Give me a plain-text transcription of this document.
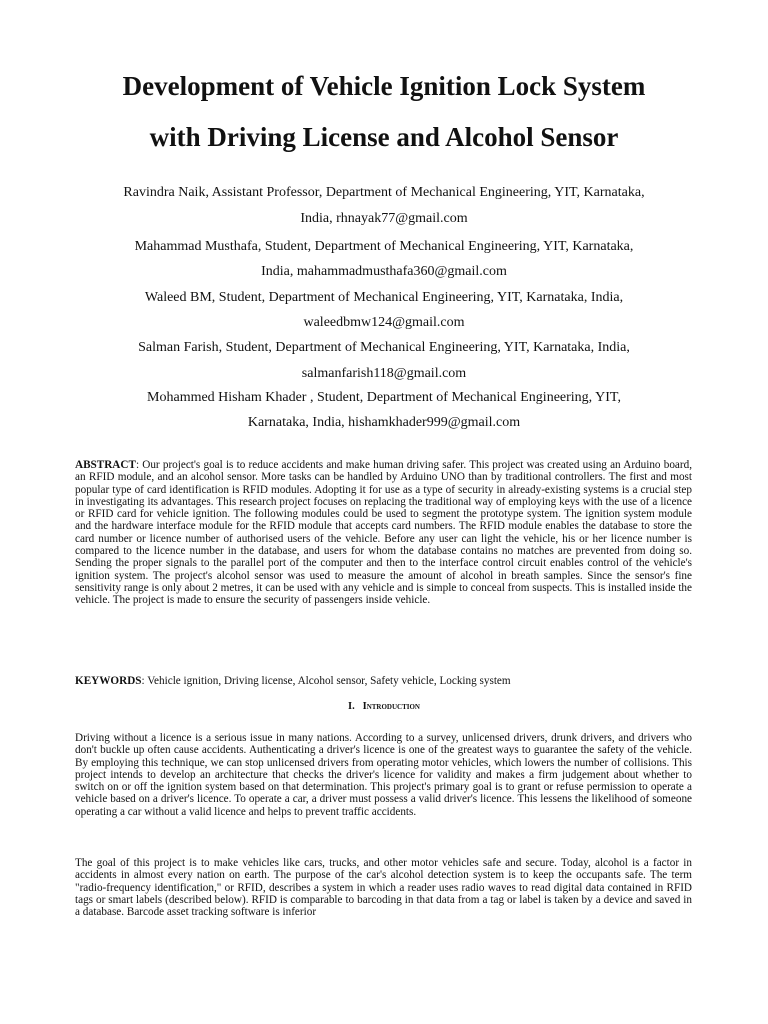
Development of Vehicle Ignition Lock System
with Driving License and Alcohol Sensor

Ravindra Naik, Assistant Professor, Department of Mechanical Engineering, YIT, Karnataka,

India, rhnayak77@gmail.com

Mahammad Musthafa, Student, Department of Mechanical Engineering, YIT, Karnataka,

India, mahammadmusthafa360@gmail.com

Waleed BM, Student, Department of Mechanical Engineering, YIT, Karnataka, India,

waleedbmw124@gmail.com

Salman Farish, Student, Department of Mechanical Engineering, YIT, Karnataka, India,

salmanfarish118@gmail.com

Mohammed Hisham Khader , Student, Department of Mechanical Engineering, YIT,

Karnataka, India, hishamkhader999@gmail.com

ABSTRACT: Our project's goal is to reduce accidents and make human driving safer. This project was created using an Arduino board, an RFID module, and an alcohol sensor. More tasks can be handled by Arduino UNO than by traditional controllers. The first and most popular type of card identification is RFID modules. Adopting it for use as a type of security in already-existing systems is a crucial step in investigating its advantages. This research project focuses on replacing the traditional way of employing keys with the use of a licence or RFID card for vehicle ignition. The following modules could be used to segment the prototype system. The ignition system module and the hardware interface module for the RFID module that accepts card numbers. The RFID module enables the database to store the card number or licence number of authorised users of the vehicle. Before any user can light the vehicle, his or her licence number is compared to the licence number in the database, and users for whom the database contains no matches are prevented from doing so. Sending the proper signals to the parallel port of the computer and then to the interface control circuit enables control of the vehicle's ignition system. The project's alcohol sensor was used to measure the amount of alcohol in breath samples. Since the sensor's fine sensitivity range is only about 2 metres, it can be used with any vehicle and is simple to conceal from suspects. This is installed inside the vehicle. The project is made to ensure the security of passengers inside vehicle.

KEYWORDS: Vehicle ignition, Driving license, Alcohol sensor, Safety vehicle, Locking system

I. Introduction

Driving without a licence is a serious issue in many nations. According to a survey, unlicensed drivers, drunk drivers, and drivers who don't buckle up often cause accidents. Authenticating a driver's licence is one of the greatest ways to guarantee the safety of the vehicle. By employing this technique, we can stop unlicensed drivers from operating motor vehicles, which lowers the number of collisions. This project intends to develop an architecture that checks the driver's licence for validity and makes a firm judgement about whether to switch on or off the ignition system based on that determination. This project's primary goal is to grant or refuse permission to operate a vehicle based on a driver's licence. To operate a car, a driver must possess a valid driver's licence. This lessens the likelihood of someone operating a car without a valid licence and helps to prevent traffic accidents.

The goal of this project is to make vehicles like cars, trucks, and other motor vehicles safe and secure. Today, alcohol is a factor in accidents in almost every nation on earth. The purpose of the car's alcohol detection system is to keep the occupants safe. The term "radio-frequency identification," or RFID, describes a system in which a reader uses radio waves to read digital data contained in RFID tags or smart labels (described below). RFID is comparable to barcoding in that data from a tag or label is taken by a device and saved in a database. Barcode asset tracking software is inferior
